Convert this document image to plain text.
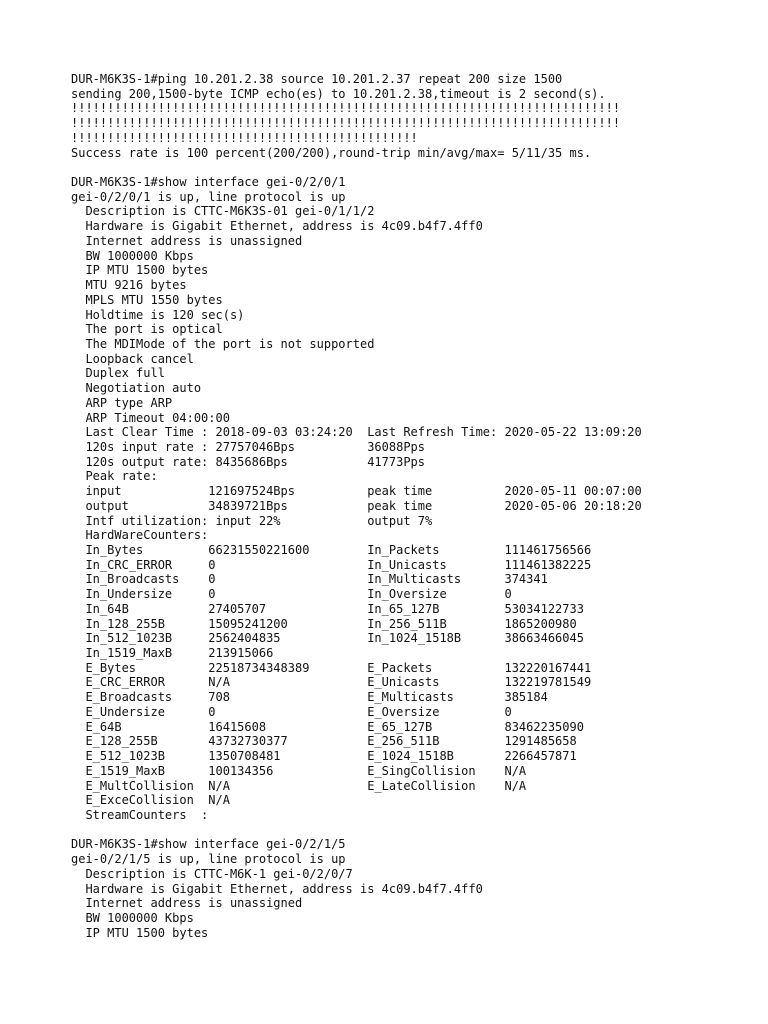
DUR-M6K3S-1#ping 10.201.2.38 source 10.201.2.37 repeat 200 size 1500
sending 200,1500-byte ICMP echo(es) to 10.201.2.38,timeout is 2 second(s).
!!!!!!!!!!!!!!!!!!!!!!!!!!!!!!!!!!!!!!!!!!!!!!!!!!!!!!!!!!!!!!!!!!!!!!!!!!!!
!!!!!!!!!!!!!!!!!!!!!!!!!!!!!!!!!!!!!!!!!!!!!!!!!!!!!!!!!!!!!!!!!!!!!!!!!!!!
!!!!!!!!!!!!!!!!!!!!!!!!!!!!!!!!!!!!!!!!!!!!!!!!
Success rate is 100 percent(200/200),round-trip min/avg/max= 5/11/35 ms.
DUR-M6K3S-1#show interface gei-0/2/0/1
gei-0/2/0/1 is up, line protocol is up
Description is CTTC-M6K3S-01 gei-0/1/1/2
Hardware is Gigabit Ethernet, address is 4c09.b4f7.4ff0
Internet address is unassigned
BW 1000000 Kbps
IP MTU 1500 bytes
MTU 9216 bytes
MPLS MTU 1550 bytes
Holdtime is 120 sec(s)
The port is optical
The MDIMode of the port is not supported
Loopback cancel
Duplex full
Negotiation auto
ARP type ARP
ARP Timeout 04:00:00
Last Clear Time : 2018-09-03 03:24:20  Last Refresh Time: 2020-05-22 13:09:20
120s input rate : 27757046Bps          36088Pps
120s output rate: 8435686Bps           41773Pps
Peak rate:
input            121697524Bps          peak time          2020-05-11 00:07:00
output           34839721Bps           peak time          2020-05-06 20:18:20
Intf utilization: input 22%            output 7%
HardWareCounters:
In_Bytes         66231550221600        In_Packets         111461756566
In_CRC_ERROR     0                     In_Unicasts        111461382225
In_Broadcasts    0                     In_Multicasts      374341
In_Undersize     0                     In_Oversize        0
In_64B           27405707              In_65_127B         53034122733
In_128_255B      15095241200           In_256_511B        1865200980
In_512_1023B     2562404835            In_1024_1518B      38663466045
In_1519_MaxB     213915066
E_Bytes          22518734348389        E_Packets          132220167441
E_CRC_ERROR      N/A                   E_Unicasts         132219781549
E_Broadcasts     708                   E_Multicasts       385184
E_Undersize      0                     E_Oversize         0
E_64B            16415608              E_65_127B          83462235090
E_128_255B       43732730377           E_256_511B         1291485658
E_512_1023B      1350708481            E_1024_1518B       2266457871
E_1519_MaxB      100134356             E_SingCollision    N/A
E_MultCollision  N/A                   E_LateCollision    N/A
E_ExceCollision  N/A
StreamCounters  :
DUR-M6K3S-1#show interface gei-0/2/1/5
gei-0/2/1/5 is up, line protocol is up
Description is CTTC-M6K-1 gei-0/2/0/7
Hardware is Gigabit Ethernet, address is 4c09.b4f7.4ff0
Internet address is unassigned
BW 1000000 Kbps
IP MTU 1500 bytes
